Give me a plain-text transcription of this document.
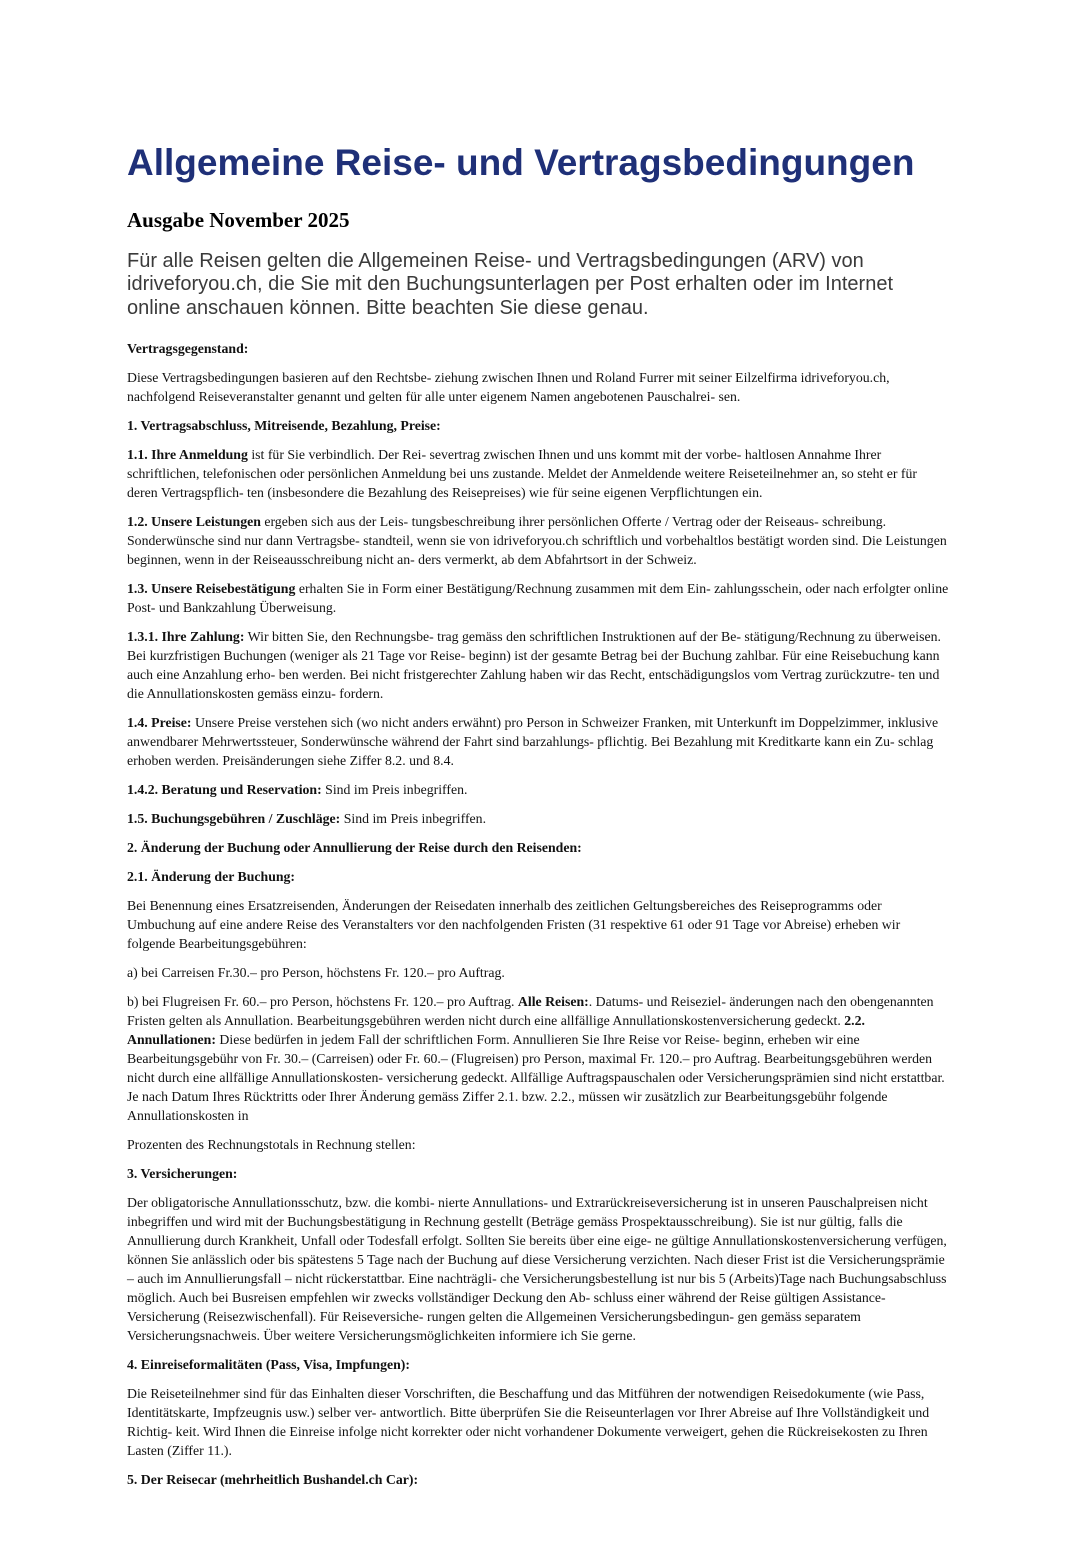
Allgemeine Reise- und Vertragsbedingungen

Ausgabe November 2025

Für alle Reisen gelten die Allgemeinen Reise- und Vertragsbedingungen (ARV) von idriveforyou.ch, die Sie mit den Buchungsunterlagen per Post erhalten oder im Internet online anschauen können. Bitte beachten Sie diese genau.

Vertragsgegenstand:

Diese Vertragsbedingungen basieren auf den Rechtsbe- ziehung zwischen Ihnen und Roland Furrer mit seiner Eilzelfirma idriveforyou.ch, nachfolgend Reiseveranstalter genannt und gelten für alle unter eigenem Namen angebotenen Pauschalrei- sen.

1. Vertragsabschluss, Mitreisende, Bezahlung, Preise:

1.1. Ihre Anmeldung ist für Sie verbindlich. Der Rei- severtrag zwischen Ihnen und uns kommt mit der vorbe- haltlosen Annahme Ihrer schriftlichen, telefonischen oder persönlichen Anmeldung bei uns zustande. Meldet der Anmeldende weitere Reiseteilnehmer an, so steht er für deren Vertragspflich- ten (insbesondere die Bezahlung des Reisepreises) wie für seine eigenen Verpflichtungen ein.

1.2. Unsere Leistungen ergeben sich aus der Leis- tungsbeschreibung ihrer persönlichen Offerte / Vertrag oder der Reiseaus- schreibung. Sonderwünsche sind nur dann Vertragsbe- standteil, wenn sie von idriveforyou.ch schriftlich und vorbehaltlos bestätigt worden sind. Die Leistungen beginnen, wenn in der Reiseausschreibung nicht an- ders vermerkt, ab dem Abfahrtsort in der Schweiz.

1.3. Unsere Reisebestätigung erhalten Sie in Form einer Bestätigung/Rechnung zusammen mit dem Ein- zahlungsschein, oder nach erfolgter online Post- und Bankzahlung Überweisung.

1.3.1. Ihre Zahlung: Wir bitten Sie, den Rechnungsbe- trag gemäss den schriftlichen Instruktionen auf der Be- stätigung/Rechnung zu überweisen. Bei kurzfristigen Buchungen (weniger als 21 Tage vor Reise- beginn) ist der gesamte Betrag bei der Buchung zahlbar. Für eine Reisebuchung kann auch eine Anzahlung erho- ben werden. Bei nicht fristgerechter Zahlung haben wir das Recht, entschädigungslos vom Vertrag zurückzutre- ten und die Annullationskosten gemäss einzu- fordern.

1.4. Preise: Unsere Preise verstehen sich (wo nicht anders erwähnt) pro Person in Schweizer Franken, mit Unterkunft im Doppelzimmer, inklusive anwendbarer Mehrwertssteuer, Sonderwünsche während der Fahrt sind barzahlungs- pflichtig. Bei Bezahlung mit Kreditkarte kann ein Zu- schlag erhoben werden. Preisänderungen siehe Ziffer 8.2. und 8.4.

1.4.2. Beratung und Reservation: Sind im Preis inbegriffen.

1.5. Buchungsgebühren / Zuschläge: Sind im Preis inbegriffen.

2. Änderung der Buchung oder Annullierung der Reise durch den Reisenden:

2.1. Änderung der Buchung:

Bei Benennung eines Ersatzreisenden, Änderungen der Reisedaten innerhalb des zeitlichen Geltungsbereiches des Reiseprogramms oder Umbuchung auf eine andere Reise des Veranstalters vor den nachfolgenden Fristen (31 respektive 61 oder 91 Tage vor Abreise) erheben wir folgende Bearbeitungsgebühren:

a) bei Carreisen Fr.30.– pro Person, höchstens Fr. 120.– pro Auftrag.

b) bei Flugreisen Fr. 60.– pro Person, höchstens Fr. 120.– pro Auftrag. Alle Reisen:. Datums- und Reiseziel- änderungen nach den obengenannten Fristen gelten als Annullation. Bearbeitungsgebühren werden nicht durch eine allfällige Annullationskostenversicherung gedeckt. 2.2. Annullationen: Diese bedürfen in jedem Fall der schriftlichen Form. Annullieren Sie Ihre Reise vor Reise- beginn, erheben wir eine Bearbeitungsgebühr von Fr. 30.– (Carreisen) oder Fr. 60.– (Flugreisen) pro Person, maximal Fr. 120.– pro Auftrag. Bearbeitungsgebühren werden nicht durch eine allfällige Annullationskosten- versicherung gedeckt. Allfällige Auftragspauschalen oder Versicherungsprämien sind nicht erstattbar. Je nach Datum Ihres Rücktritts oder Ihrer Änderung gemäss Ziffer 2.1. bzw. 2.2., müssen wir zusätzlich zur Bearbeitungsgebühr folgende Annullationskosten in

Prozenten des Rechnungstotals in Rechnung stellen:

3. Versicherungen:

Der obligatorische Annullationsschutz, bzw. die kombi- nierte Annullations- und Extrarückreiseversicherung ist in unseren Pauschalpreisen nicht inbegriffen und wird mit der Buchungsbestätigung in Rechnung gestellt (Beträge gemäss Prospektausschreibung). Sie ist nur gültig, falls die Annullierung durch Krankheit, Unfall oder Todesfall erfolgt. Sollten Sie bereits über eine eige- ne gültige Annullationskostenversicherung verfügen, können Sie anlässlich oder bis spätestens 5 Tage nach der Buchung auf diese Versicherung verzichten. Nach dieser Frist ist die Versicherungsprämie – auch im Annullierungsfall – nicht rückerstattbar. Eine nachträgli- che Versicherungsbestellung ist nur bis 5 (Arbeits)Tage nach Buchungsabschluss möglich. Auch bei Busreisen empfehlen wir zwecks vollständiger Deckung den Ab- schluss einer während der Reise gültigen Assistance- Versicherung (Reisezwischenfall). Für Reiseversiche- rungen gelten die Allgemeinen Versicherungsbedingun- gen gemäss separatem Versicherungsnachweis. Über weitere Versicherungsmöglichkeiten informiere ich Sie gerne.

4. Einreiseformalitäten (Pass, Visa, Impfungen):

Die Reiseteilnehmer sind für das Einhalten dieser Vorschriften, die Beschaffung und das Mitführen der notwendigen Reisedokumente (wie Pass, Identitätskarte, Impfzeugnis usw.) selber ver- antwortlich. Bitte überprüfen Sie die Reiseunterlagen vor Ihrer Abreise auf Ihre Vollständigkeit und Richtig- keit. Wird Ihnen die Einreise infolge nicht korrekter oder nicht vorhandener Dokumente verweigert, gehen die Rückreisekosten zu Ihren Lasten (Ziffer 11.).

5. Der Reisecar (mehrheitlich Bushandel.ch Car):
